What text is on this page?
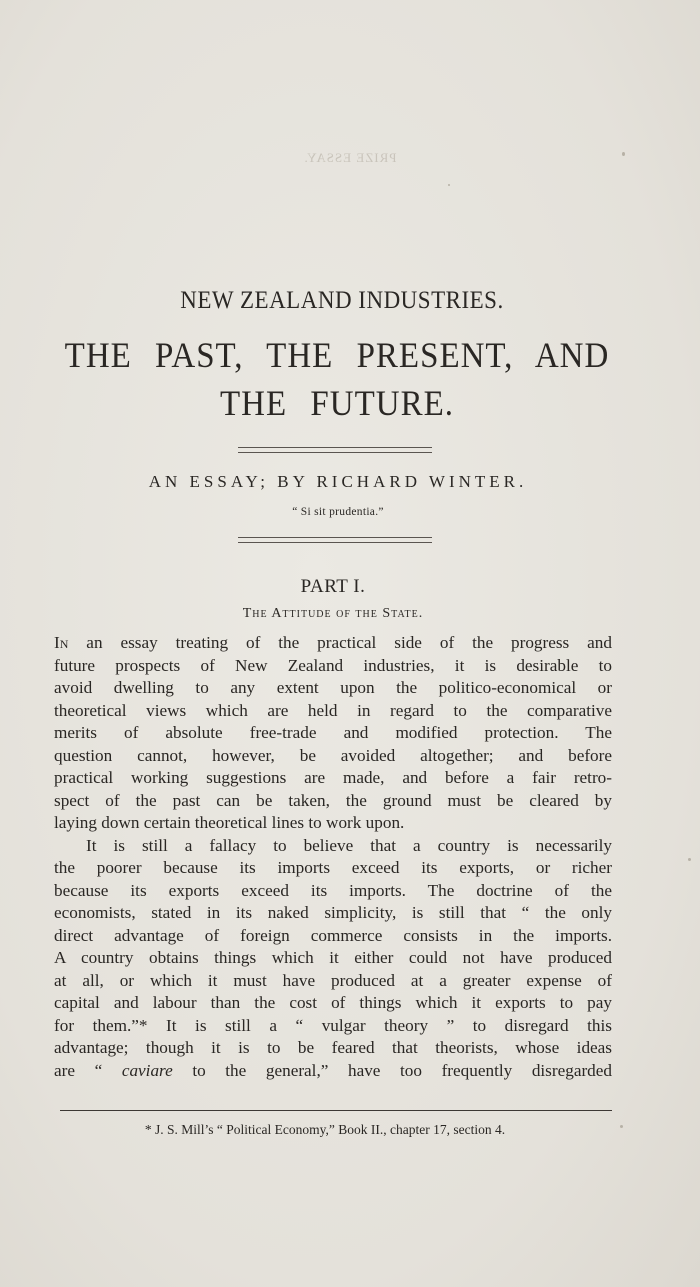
PRIZE ESSAY.
NEW ZEALAND INDUSTRIES.
THE PAST, THE PRESENT, AND THE FUTURE.
AN ESSAY; BY RICHARD WINTER.
“ Si sit prudentia.”
PART I.
The Attitude of the State.
In an essay treating of the practical side of the progress and
future prospects of New Zealand industries, it is desirable to
avoid dwelling to any extent upon the politico-economical or
theoretical views which are held in regard to the comparative
merits of absolute free-trade and modified protection. The
question cannot, however, be avoided altogether; and before
practical working suggestions are made, and before a fair retro-
spect of the past can be taken, the ground must be cleared by
laying down certain theoretical lines to work upon.
It is still a fallacy to believe that a country is necessarily
the poorer because its imports exceed its exports, or richer
because its exports exceed its imports. The doctrine of the
economists, stated in its naked simplicity, is still that “ the only
direct advantage of foreign commerce consists in the imports.
A country obtains things which it either could not have produced
at all, or which it must have produced at a greater expense of
capital and labour than the cost of things which it exports to pay
for them.”* It is still a “ vulgar theory ” to disregard this
advantage; though it is to be feared that theorists, whose ideas
are “ caviare to the general,” have too frequently disregarded
* J. S. Mill’s “ Political Economy,” Book II., chapter 17, section 4.
